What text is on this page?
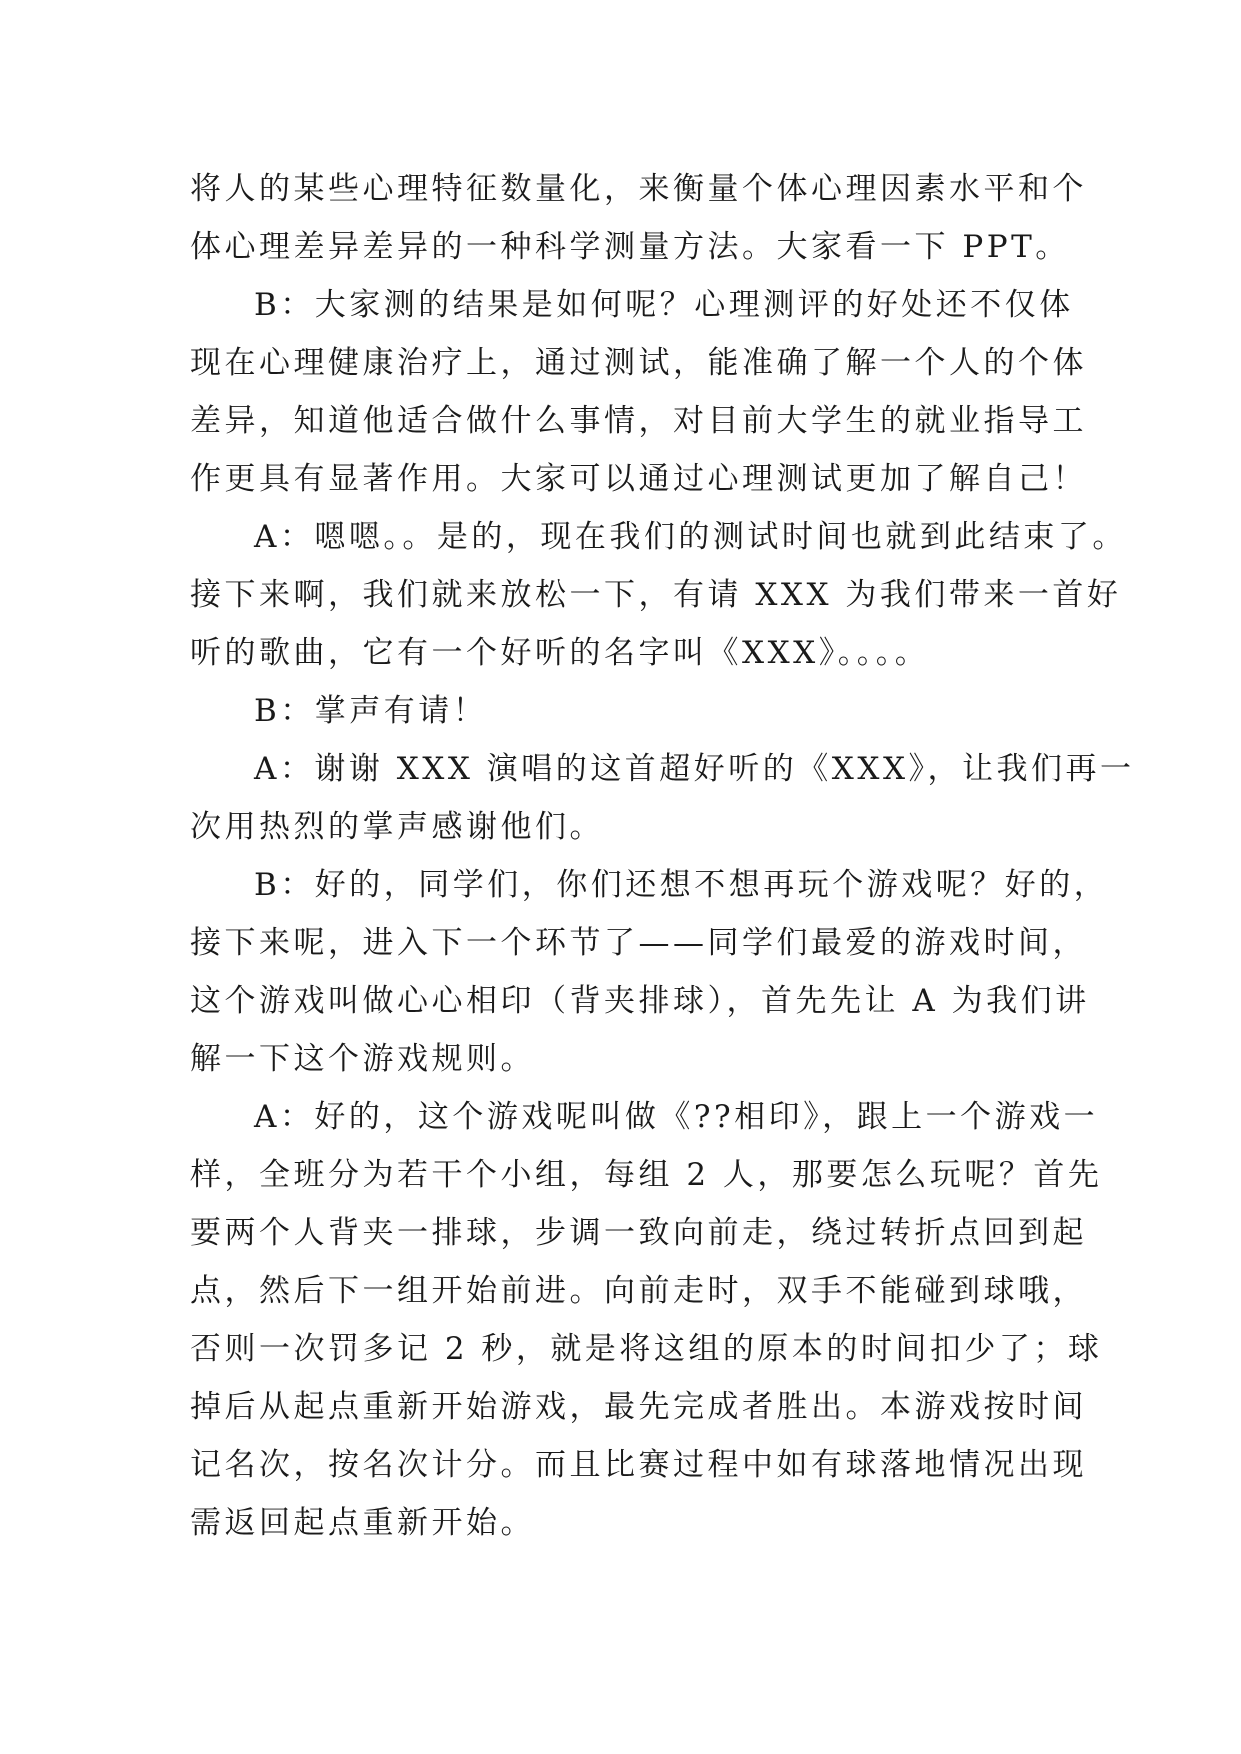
将人的某些心理特征数量化，来衡量个体心理因素水平和个
体心理差异差异的一种科学测量方法。大家看一下 PPT。
B：大家测的结果是如何呢？心理测评的好处还不仅体
现在心理健康治疗上，通过测试，能准确了解一个人的个体
差异，知道他适合做什么事情，对目前大学生的就业指导工
作更具有显著作用。大家可以通过心理测试更加了解自己！
A：嗯嗯。。是的，现在我们的测试时间也就到此结束了。
接下来啊，我们就来放松一下，有请 XXX 为我们带来一首好
听的歌曲，它有一个好听的名字叫《XXX》。。。。
B：掌声有请！
A：谢谢 XXX 演唱的这首超好听的《XXX》，让我们再一
次用热烈的掌声感谢他们。
B：好的，同学们，你们还想不想再玩个游戏呢？好的，
接下来呢，进入下一个环节了——同学们最爱的游戏时间，
这个游戏叫做心心相印（背夹排球），首先先让 A 为我们讲
解一下这个游戏规则。
A：好的，这个游戏呢叫做《??相印》，跟上一个游戏一
样，全班分为若干个小组，每组 2 人，那要怎么玩呢？首先
要两个人背夹一排球，步调一致向前走，绕过转折点回到起
点，然后下一组开始前进。向前走时，双手不能碰到球哦，
否则一次罚多记 2 秒，就是将这组的原本的时间扣少了；球
掉后从起点重新开始游戏，最先完成者胜出。本游戏按时间
记名次，按名次计分。而且比赛过程中如有球落地情况出现
需返回起点重新开始。
